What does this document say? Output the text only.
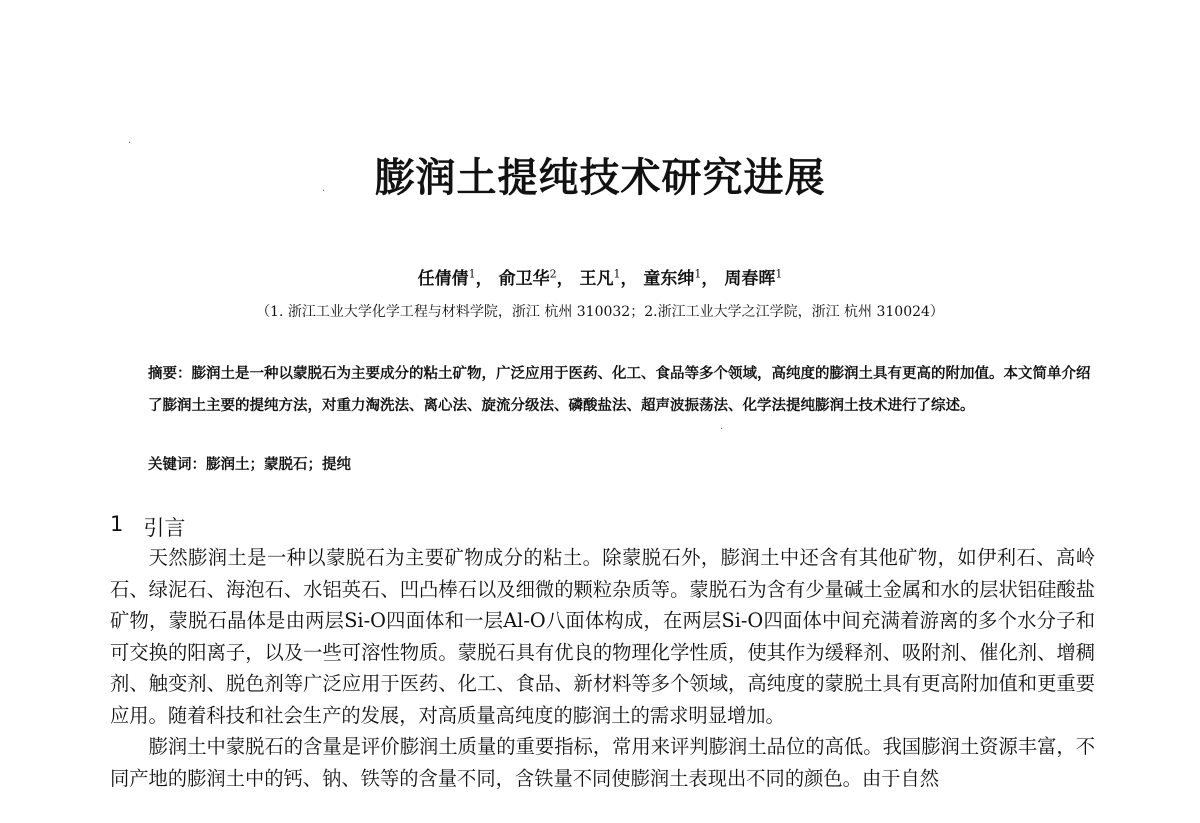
·
·
·
膨润土提纯技术研究进展
任倩倩$^1$， 俞卫华$^2$， 王凡$^1$， 童东绅$^1$， 周春晖$^1$
（1. 浙江工业大学化学工程与材料学院，浙江 杭州 310032；2.浙江工业大学之江学院，浙江 杭州 310024）
摘要：膨润土是一种以蒙脱石为主要成分的粘土矿物，广泛应用于医药、化工、食品等多个领域，高纯度的膨润土具有更高的附加值。本文简单介绍了膨润土主要的提纯方法，对重力淘洗法、离心法、旋流分级法、磷酸盐法、超声波振荡法、化学法提纯膨润土技术进行了综述。
关键词：膨润土；蒙脱石；提纯
1 引言

天然膨润土是一种以蒙脱石为主要矿物成分的粘土。除蒙脱石外，膨润土中还含有其他矿物，如伊利石、高岭石、绿泥石、海泡石、水铝英石、凹凸棒石以及细微的颗粒杂质等。蒙脱石为含有少量碱土金属和水的层状铝硅酸盐矿物，蒙脱石晶体是由两层Si-O四面体和一层Al-O八面体构成，在两层Si-O四面体中间充满着游离的多个水分子和可交换的阳离子，以及一些可溶性物质。蒙脱石具有优良的物理化学性质，使其作为缓释剂、吸附剂、催化剂、增稠剂、触变剂、脱色剂等广泛应用于医药、化工、食品、新材料等多个领域，高纯度的蒙脱土具有更高附加值和更重要应用。随着科技和社会生产的发展，对高质量高纯度的膨润土的需求明显增加。

膨润土中蒙脱石的含量是评价膨润土质量的重要指标，常用来评判膨润土品位的高低。我国膨润土资源丰富，不同产地的膨润土中的钙、钠、铁等的含量不同，含铁量不同使膨润土表现出不同的颜色。由于自然
